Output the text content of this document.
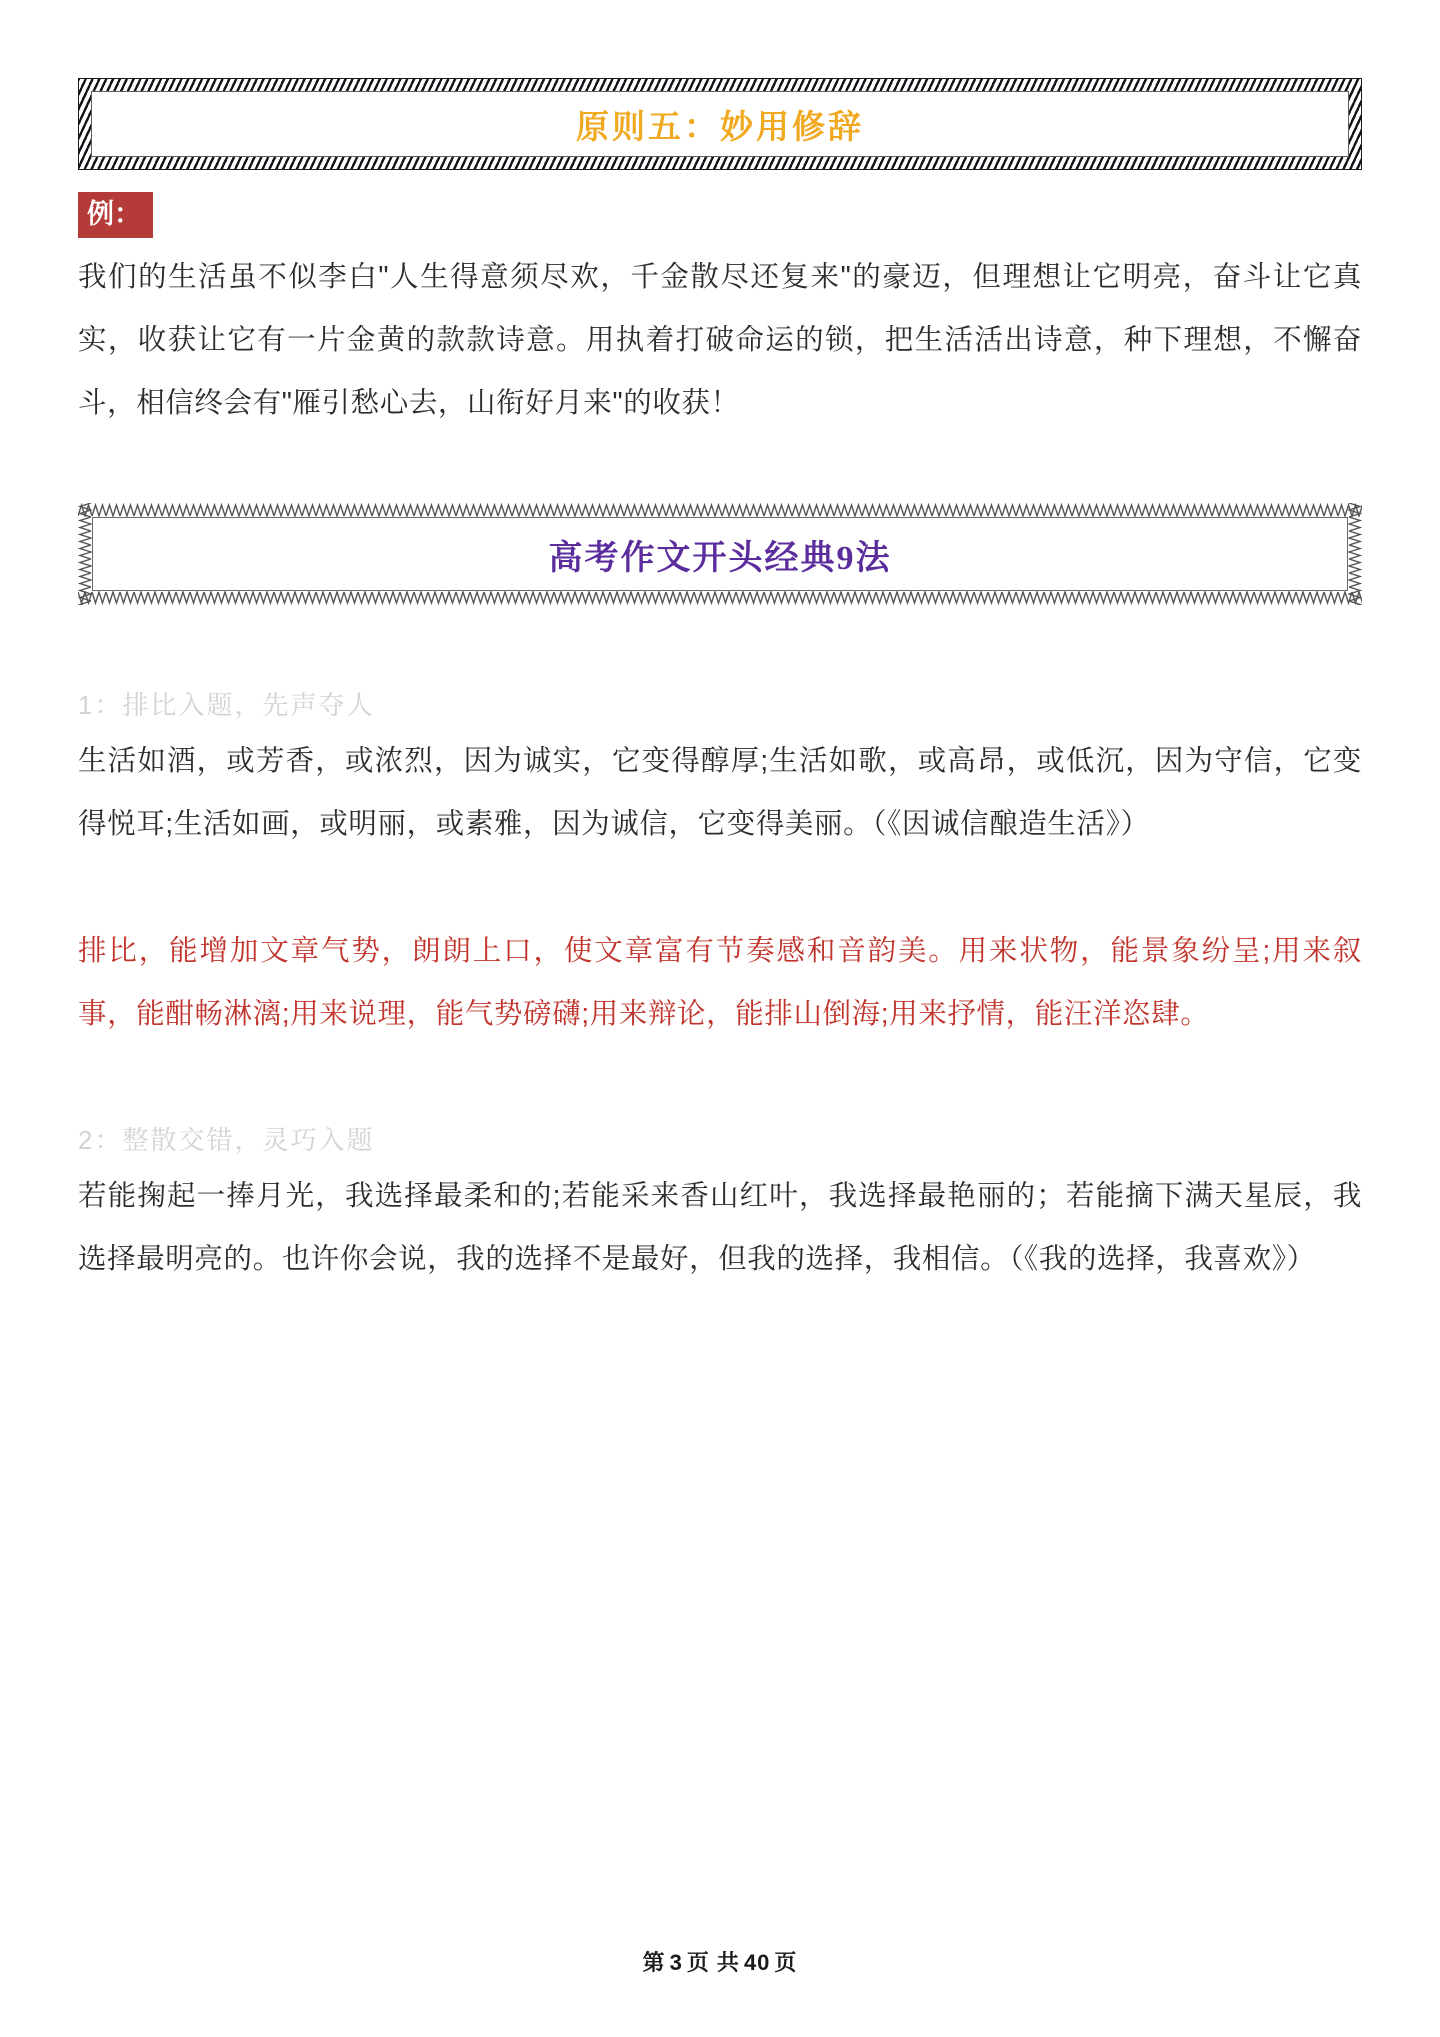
原则五：妙用修辞
例：

我们的生活虽不似李白"人生得意须尽欢，千金散尽还复来"的豪迈，但理想让它明亮，奋斗让它真实，收获让它有一片金黄的款款诗意。用执着打破命运的锁，把生活活出诗意，种下理想，不懈奋斗，相信终会有"雁引愁心去，山衔好月来"的收获！

高考作文开头经典9法
1：排比入题，先声夺人

生活如酒，或芳香，或浓烈，因为诚实，它变得醇厚;生活如歌，或高昂，或低沉，因为守信，它变得悦耳;生活如画，或明丽，或素雅，因为诚信，它变得美丽。（《因诚信酿造生活》）

排比，能增加文章气势，朗朗上口，使文章富有节奏感和音韵美。用来状物，能景象纷呈;用来叙事，能酣畅淋漓;用来说理，能气势磅礴;用来辩论，能排山倒海;用来抒情，能汪洋恣肆。

2：整散交错，灵巧入题

若能掬起一捧月光，我选择最柔和的;若能采来香山红叶，我选择最艳丽的；若能摘下满天星辰，我选择最明亮的。也许你会说，我的选择不是最好，但我的选择，我相信。（《我的选择，我喜欢》）

第 3 页 共 40 页
